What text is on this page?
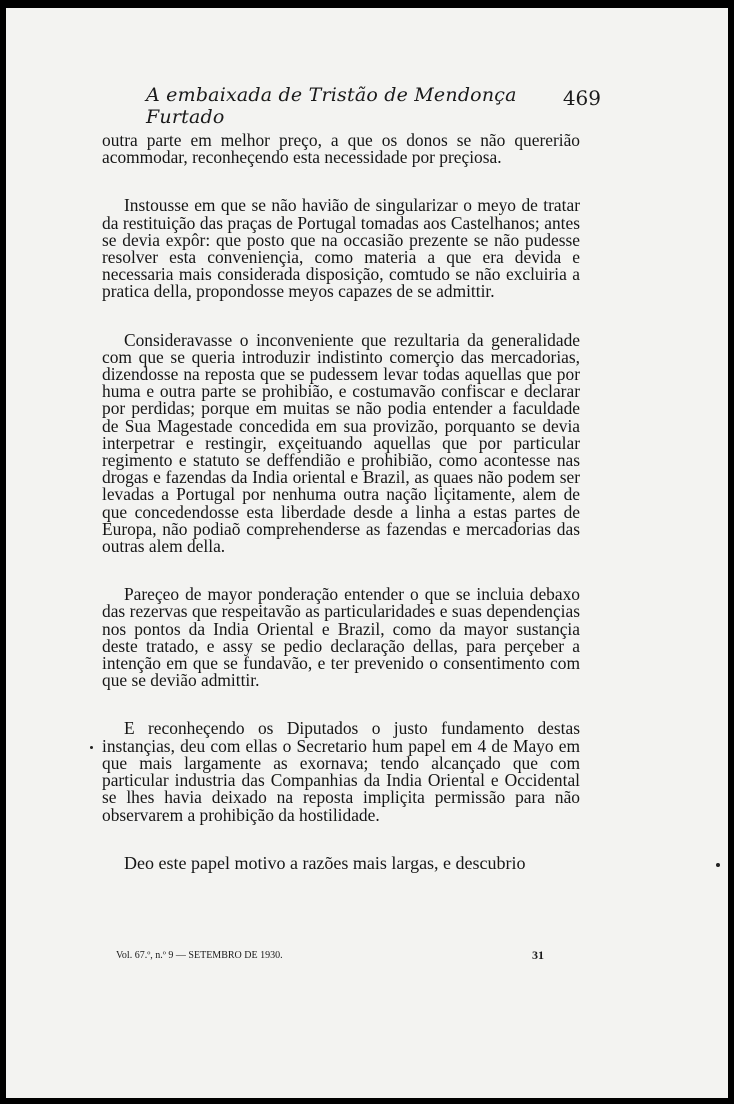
A embaixada de Tristão de Mendonça Furtado
469

outra parte em melhor preço, a que os donos se não quererião acommodar, reconheçendo esta necessidade por preçiosa.

Instousse em que se não havião de singularizar o meyo de tratar da restituição das praças de Portugal tomadas aos Castelhanos; antes se devia expôr: que posto que na occasião prezente se não pudesse resolver esta conveniençia, como materia a que era devida e necessaria mais considerada disposição, comtudo se não excluiria a pratica della, propondosse meyos capazes de se admittir.

Consideravasse o inconveniente que rezultaria da generalidade com que se queria introduzir indistinto comerçio das mercadorias, dizendosse na reposta que se pudessem levar todas aquellas que por huma e outra parte se prohibião, e costumavão confiscar e declarar por perdidas; porque em muitas se não podia entender a faculdade de Sua Magestade concedida em sua provizão, porquanto se devia interpetrar e restingir, exçeituando aquellas que por particular regimento e statuto se deffendião e prohibião, como acontesse nas drogas e fazendas da India oriental e Brazil, as quaes não podem ser levadas a Portugal por nenhuma outra nação liçitamente, alem de que concedendosse esta liberdade desde a linha a estas partes de Europa, não podiaõ comprehenderse as fazendas e mercadorias das outras alem della.

Pareçeo de mayor ponderação entender o que se incluia debaxo das rezervas que respeitavão as particularidades e suas dependençias nos pontos da India Oriental e Brazil, como da mayor sustançia deste tratado, e assy se pedio declaração dellas, para perçeber a intenção em que se fundavão, e ter prevenido o consentimento com que se devião admittir.

E reconheçendo os Diputados o justo fundamento destas instançias, deu com ellas o Secretario hum papel em 4 de Mayo em que mais largamente as exornava; tendo alcançado que com particular industria das Companhias da India Oriental e Occidental se lhes havia deixado na reposta impliçita permissão para não observarem a prohibição da hostilidade.

Deo este papel motivo a razões mais largas, e descubrio

Vol. 67.º, n.º 9 — SETEMBRO DE 1930.	31
